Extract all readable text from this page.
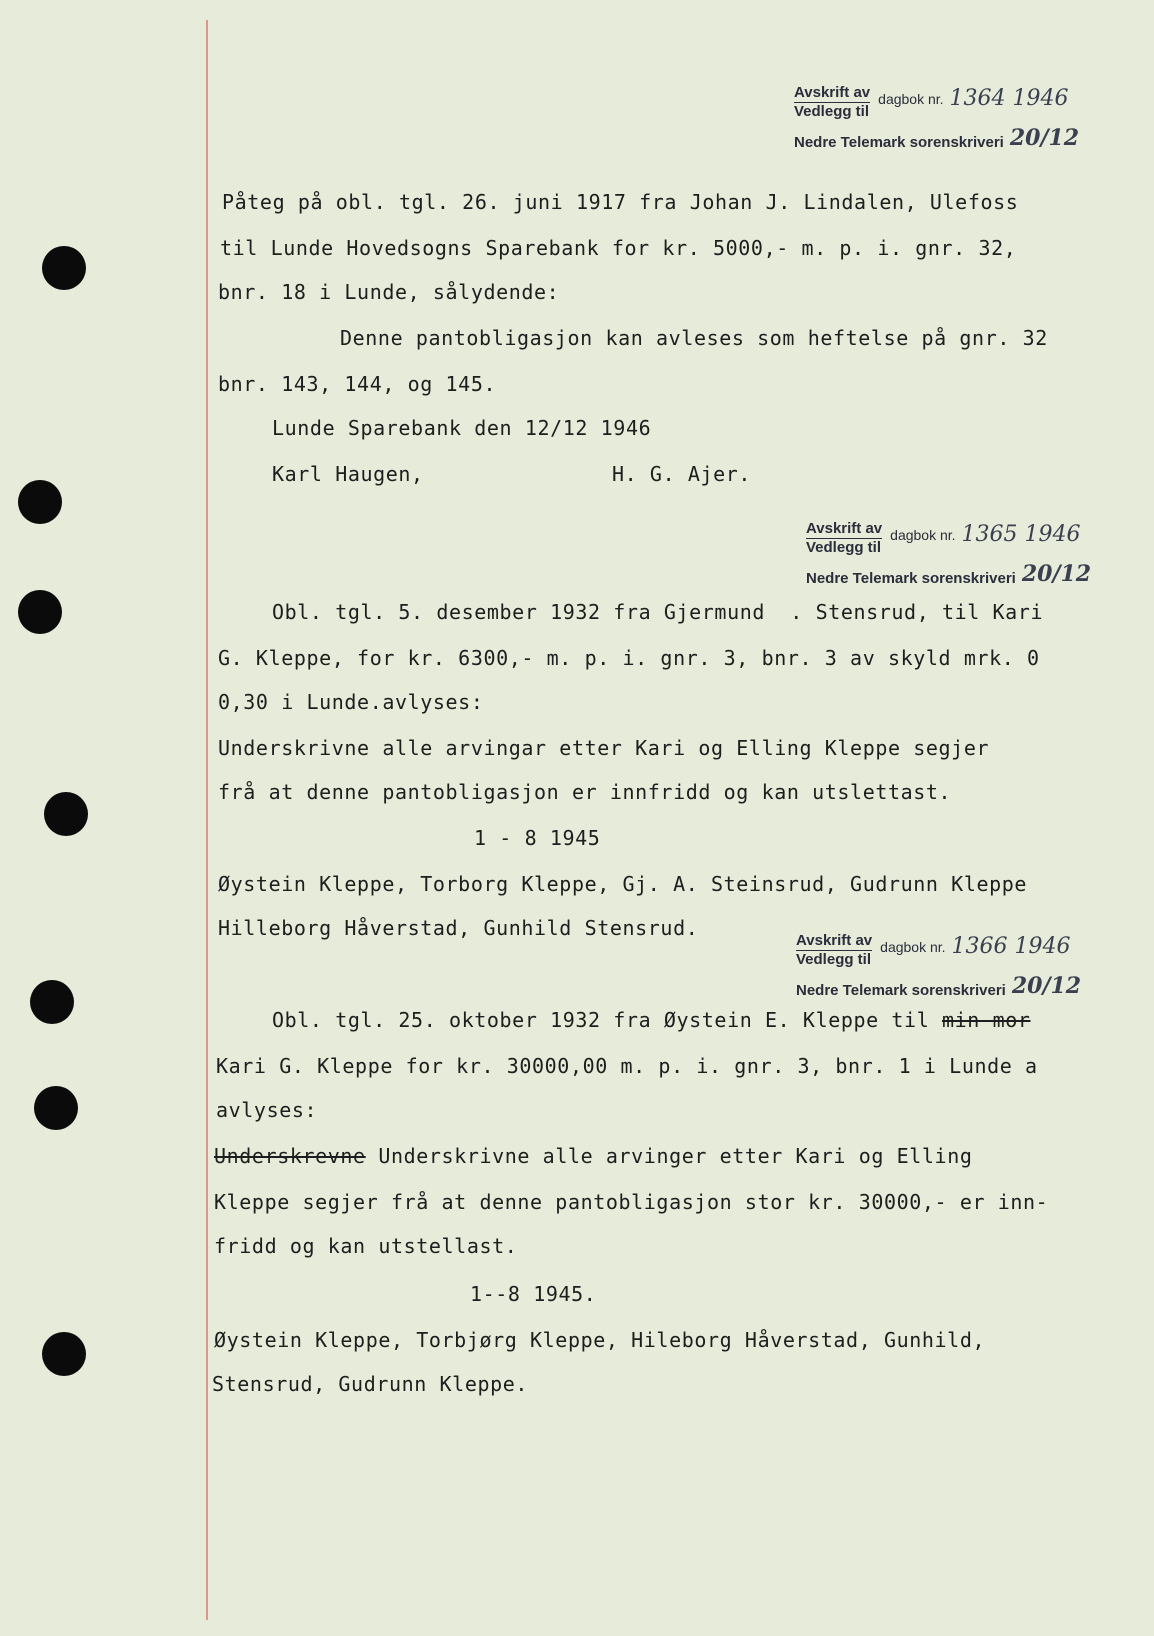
Avskrift av
Vedlegg til
dagbok nr. 1364 1946
Nedre Telemark sorenskriveri 20/12
Påteg på obl. tgl. 26. juni 1917 fra Johan J. Lindalen, Ulefoss
til Lunde Hovedsogns Sparebank for kr. 5000,- m. p. i. gnr. 32,
bnr. 18 i Lunde, sålydende:
Denne pantobligasjon kan avleses som heftelse på gnr. 32
bnr. 143, 144, og 145.
Lunde Sparebank den 12/12 1946
Karl Haugen,	H. G. Ajer.
Avskrift av
Vedlegg til
dagbok nr. 1365 1946
Nedre Telemark sorenskriveri 20/12
Obl. tgl. 5. desember 1932 fra Gjermund  . Stensrud, til Kari
G. Kleppe, for kr. 6300,- m. p. i. gnr. 3, bnr. 3 av skyld mrk. 0
0,30 i Lunde.avlyses:
Underskrivne alle arvingar etter Kari og Elling Kleppe segjer
frå at denne pantobligasjon er innfridd og kan utslettast.
1 - 8 1945
Øystein Kleppe, Torborg Kleppe, Gj. A. Steinsrud, Gudrunn Kleppe
Hilleborg Håverstad, Gunhild Stensrud.
Avskrift av
Vedlegg til
dagbok nr. 1366 1946
Nedre Telemark sorenskriveri 20/12
Obl. tgl. 25. oktober 1932 fra Øystein E. Kleppe til min mor
Kari G. Kleppe for kr. 30000,00 m. p. i. gnr. 3, bnr. 1 i Lunde a
avlyses:
Underskrevne Underskrivne alle arvinger etter Kari og Elling
Kleppe segjer frå at denne pantobligasjon stor kr. 30000,- er inn-
fridd og kan utstellast.
1--8 1945.
Øystein Kleppe, Torbjørg Kleppe, Hileborg Håverstad, Gunhild,
Stensrud, Gudrunn Kleppe.
